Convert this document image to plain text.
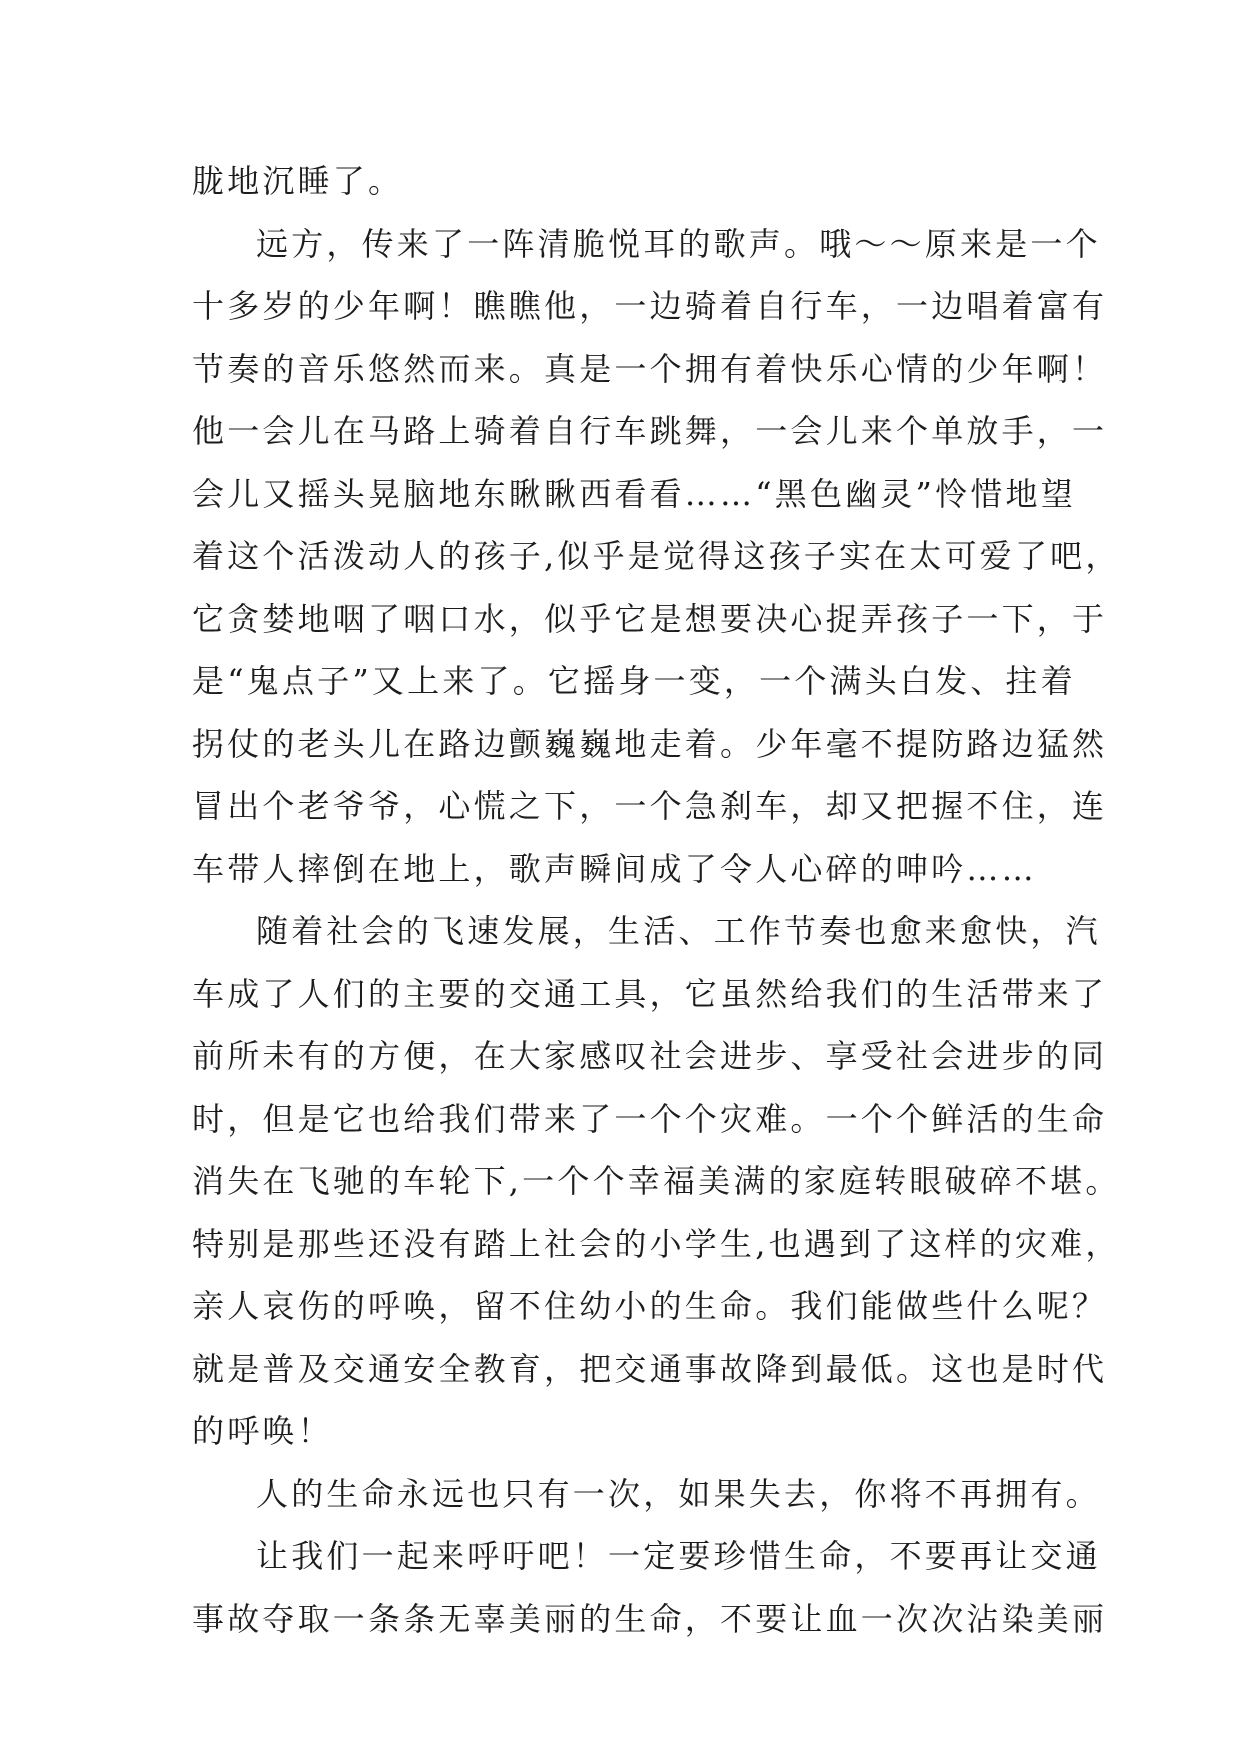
胧地沉睡了。
远方，传来了一阵清脆悦耳的歌声。哦～～原来是一个
十多岁的少年啊！瞧瞧他，一边骑着自行车，一边唱着富有
节奏的音乐悠然而来。真是一个拥有着快乐心情的少年啊！
他一会儿在马路上骑着自行车跳舞，一会儿来个单放手，一
会儿又摇头晃脑地东瞅瞅西看看……“黑色幽灵”怜惜地望
着这个活泼动人的孩子,似乎是觉得这孩子实在太可爱了吧，
它贪婪地咽了咽口水，似乎它是想要决心捉弄孩子一下，于
是“鬼点子”又上来了。它摇身一变，一个满头白发、拄着
拐仗的老头儿在路边颤巍巍地走着。少年毫不提防路边猛然
冒出个老爷爷，心慌之下，一个急刹车，却又把握不住，连
车带人摔倒在地上，歌声瞬间成了令人心碎的呻吟……
随着社会的飞速发展，生活、工作节奏也愈来愈快，汽
车成了人们的主要的交通工具，它虽然给我们的生活带来了
前所未有的方便，在大家感叹社会进步、享受社会进步的同
时，但是它也给我们带来了一个个灾难。一个个鲜活的生命
消失在飞驰的车轮下,一个个幸福美满的家庭转眼破碎不堪。
特别是那些还没有踏上社会的小学生,也遇到了这样的灾难，
亲人哀伤的呼唤，留不住幼小的生命。我们能做些什么呢？
就是普及交通安全教育，把交通事故降到最低。这也是时代
的呼唤！
人的生命永远也只有一次，如果失去，你将不再拥有。
让我们一起来呼吁吧！一定要珍惜生命，不要再让交通
事故夺取一条条无辜美丽的生命，不要让血一次次沾染美丽
